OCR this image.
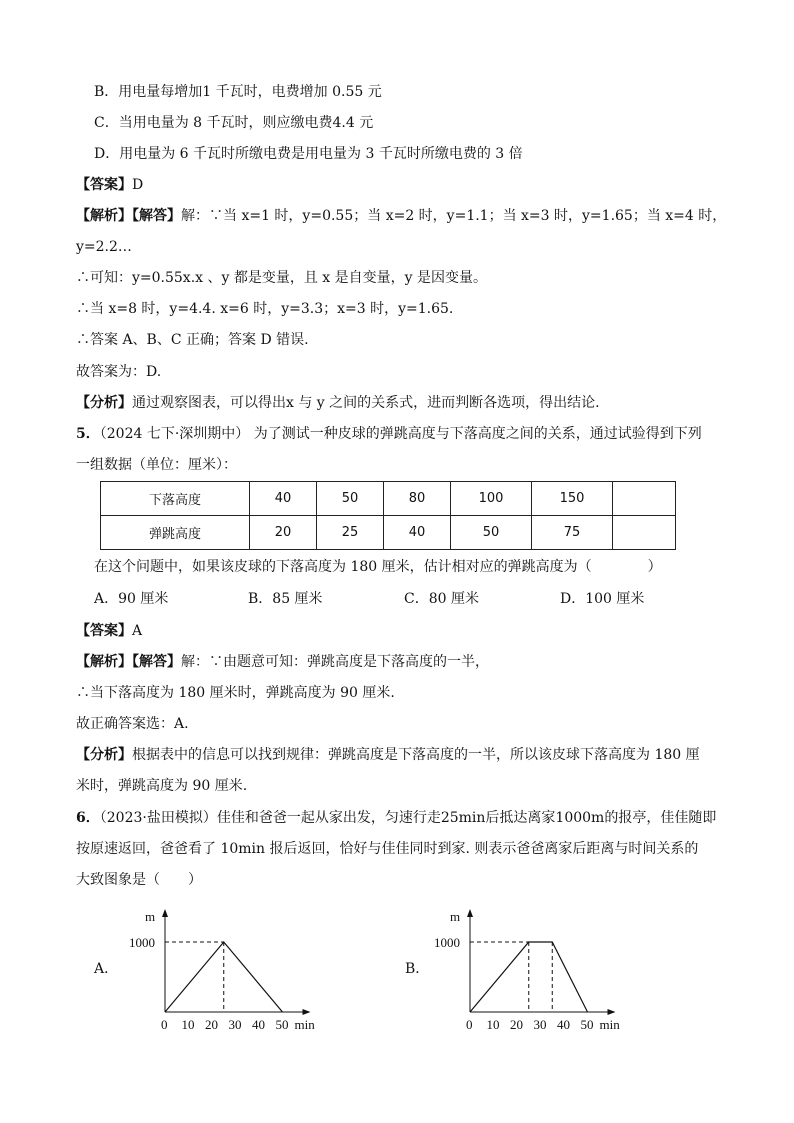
B．用电量每增加1 千瓦时，电费增加 0.55 元
C．当用电量为 8 千瓦时，则应缴电费4.4 元
D．用电量为 6 千瓦时所缴电费是用电量为 3 千瓦时所缴电费的 3 倍
【答案】D
【解析】【解答】解：∵当 x=1 时，y=0.55；当 x=2 时，y=1.1；当 x=3 时，y=1.65；当 x=4 时，
y=2.2…
∴可知：y=0.55x.x 、y 都是变量，且 x 是自变量，y 是因变量。
∴当 x=8 时，y=4.4. x=6 时，y=3.3；x=3 时，y=1.65.
∴答案 A、B、C 正确；答案 D 错误.
故答案为：D.
【分析】通过观察图表，可以得出x 与 y 之间的关系式，进而判断各选项，得出结论.
5．（2024 七下·深圳期中） 为了测试一种皮球的弹跳高度与下落高度之间的关系，通过试验得到下列
一组数据（单位：厘米）：
下落高度	40	50	80	100	150	
弹跳高度	20	25	40	50	75	
在这个问题中，如果该皮球的下落高度为 180 厘米，估计相对应的弹跳高度为（　　　　）
A．90 厘米	B．85 厘米	C．80 厘米	D．100 厘米
【答案】A
【解析】【解答】解：∵由题意可知：弹跳高度是下落高度的一半，
∴当下落高度为 180 厘米时，弹跳高度为 90 厘米.
故正确答案选：A.
【分析】根据表中的信息可以找到规律：弹跳高度是下落高度的一半，所以该皮球下落高度为 180 厘
米时，弹跳高度为 90 厘米.
6．（2023·盐田模拟）佳佳和爸爸一起从家出发，匀速行走25min后抵达离家1000m的报亭，佳佳随即
按原速返回，爸爸看了 10min 报后返回，恰好与佳佳同时到家. 则表示爸爸离家后距离与时间关系的
大致图象是（　　）
A．
m
min
1000
0 10 20 30 40 50
B．
m
min
1000
0 10 20 30 40 50
